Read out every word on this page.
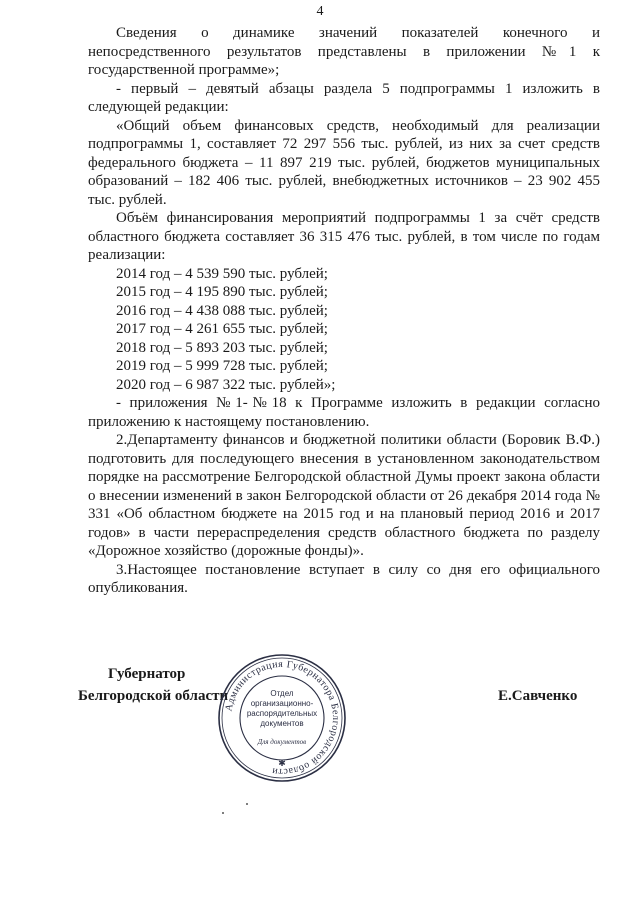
4

Сведения о динамике значений показателей конечного и непосредственного результатов представлены в приложении №1 к государственной программе»;

- первый – девятый абзацы раздела 5 подпрограммы 1 изложить в следующей редакции:

«Общий объем финансовых средств, необходимый для реализации подпрограммы 1, составляет 72 297 556 тыс. рублей, из них за счет средств федерального бюджета – 11 897 219 тыс. рублей, бюджетов муниципальных образований – 182 406 тыс. рублей, внебюджетных источников – 23 902 455 тыс. рублей.

Объём финансирования мероприятий подпрограммы 1 за счёт средств областного бюджета составляет 36 315 476 тыс. рублей, в том числе по годам реализации:

2014 год – 4 539 590 тыс. рублей;
2015 год – 4 195 890 тыс. рублей;
2016 год – 4 438 088 тыс. рублей;
2017 год – 4 261 655 тыс. рублей;
2018 год – 5 893 203 тыс. рублей;
2019 год – 5 999 728 тыс. рублей;
2020 год – 6 987 322 тыс. рублей»;

- приложения №1-№18 к Программе изложить в редакции согласно приложению к настоящему постановлению.

2.Департаменту финансов и бюджетной политики области (Боровик В.Ф.) подготовить для последующего внесения в установленном законодательством порядке на рассмотрение Белгородской областной Думы проект закона области о внесении изменений в закон Белгородской области от 26 декабря 2014 года № 331 «Об областном бюджете на 2015 год и на плановый период 2016 и 2017 годов» в части перераспределения средств областного бюджета по разделу «Дорожное хозяйство (дорожные фонды)».

3.Настоящее постановление вступает в силу со дня его официального опубликования.

Губернатор
Белгородской области	Е.Савченко
Администрация Губернатора Белгородской области
Отдел
организационно-
распорядительных
документов
Для документов
✱
